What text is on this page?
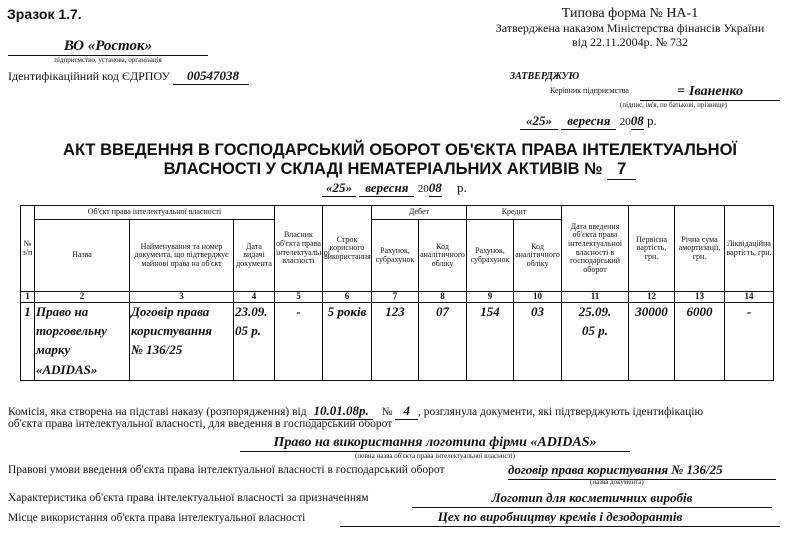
Зразок 1.7.
ВО «Росток»
підприємство, установа, організація
Ідентифікаційний код ЄДРПОУ 00547038
Типова форма № НА-1
Затверджена наказом Міністерства фінансів України
від 22.11.2004р. № 732
ЗАТВЕРДЖУЮ
Керівник підприємства	= Іваненко
(підпис, ім'я, по батькові, прізвище)
«25» вересня 2008 р.
АКТ ВВЕДЕННЯ В ГОСПОДАРСЬКИЙ ОБОРОТ ОБ'ЄКТА ПРАВА ІНТЕЛЕКТУАЛЬНОЇ
ВЛАСНОСТІ У СКЛАДІ НЕМАТЕРІАЛЬНИХ АКТИВІВ № 7
«25» вересня 2008 р.
№ з/п	Об'єкт права інтелектуальної власності			Власник об'єкта права інтелектуальної власності	Строк корисного використання	Дебет		Кредит		Дата введення об'єкта права інтелектуальної власності в господарський оборот	Первісна вартість, грн.	Річна сума амортизації, грн.	Ліквідаційна вартість, грн.
	Назва	Найменування та номер документа, що підтверджує майнові права на об'єкт	Дата видачі документа			Рахунок, субрахунок	Код аналітичного обліку	Рахунок, субрахунок	Код аналітичного обліку				
1	2	3	4	5	6	7	8	9	10	11	12	13	14
1	Право на	Договір права	23.09.	-	5 років	123	07	154	03	25.09.	30000	6000	-
	торговельну	користування	05 р.							05 р.			
	марку	№ 136/25											
	«ADIDAS»												
Комісія, яка створена на підставі наказу (розпорядження) від 10.01.08р. № 4 , розглянула документи, які підтверджують ідентифікацію
об'єкта права інтелектуальної власності, для введення в господарський оборот
Право на використання логотипа фірми «ADIDAS»
(повна назва об'єкта права інтелектуальної власності)
Правові умови введення об'єкта права інтелектуальної власності в господарський оборот	договір права користування № 136/25
(назва документа)
Характеристика об'єкта права інтелектуальної власності за призначенням	Логотип для косметичних виробів
Місце використання об'єкта права інтелектуальної власності	Цех по виробництву кремів і дезодорантів
